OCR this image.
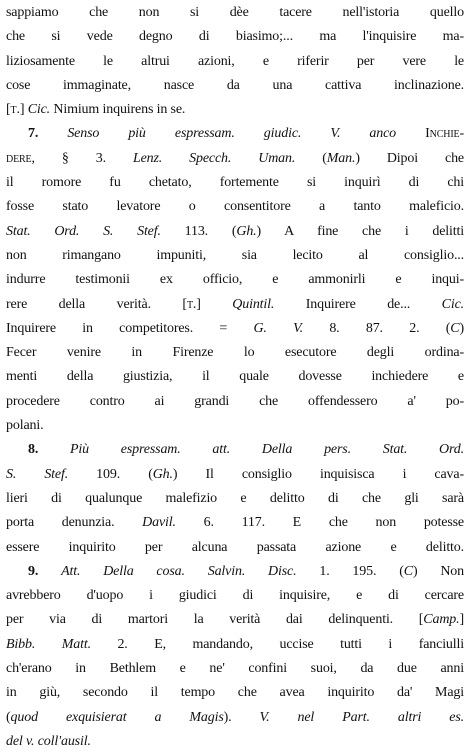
sappiamo che non si dèe tacere nell'istoria quello
che si vede degno di biasimo;... ma l'inquisire ma-
liziosamente le altrui azioni, e riferir per vere le
cose immaginate, nasce da una cattiva inclinazione.
[t.] Cic. Nimium inquirens in se.
7. Senso più espressam. giudic. V. anco Inchie-
dere, § 3. Lenz. Specch. Uman. (Man.) Dipoi che
il romore fu chetato, fortemente si inquirì di chi
fosse stato levatore o consentitore a tanto maleficio.
Stat. Ord. S. Stef. 113. (Gh.) A fine che i delitti
non rimangano impuniti, sia lecito al consiglio...
indurre testimonii ex officio, e ammonirli e inqui-
rere della verità. [t.] Quintil. Inquirere de... Cic.
Inquirere in competitores. = G. V. 8. 87. 2. (C)
Fecer venire in Firenze lo esecutore degli ordina-
menti della giustizia, il quale dovesse inchiedere e
procedere contro ai grandi che offendessero a' po-
polani.
8. Più espressam. att. Della pers. Stat. Ord.
S. Stef. 109. (Gh.) Il consiglio inquisisca i cava-
lieri di qualunque malefizio e delitto di che gli sarà
porta denunzia. Davil. 6. 117. E che non potesse
essere inquirito per alcuna passata azione e delitto.
9. Att. Della cosa. Salvin. Disc. 1. 195. (C) Non
avrebbero d'uopo i giudici di inquisire, e di cercare
per via di martori la verità dai delinquenti. [Camp.]
Bibb. Matt. 2. E, mandando, uccise tutti i fanciulli
ch'erano in Bethlem e ne' confini suoi, da due anni
in giù, secondo il tempo che avea inquirito da' Magi
(quod exquisierat a Magis). V. nel Part. altri es.
del v. coll'ausil.
